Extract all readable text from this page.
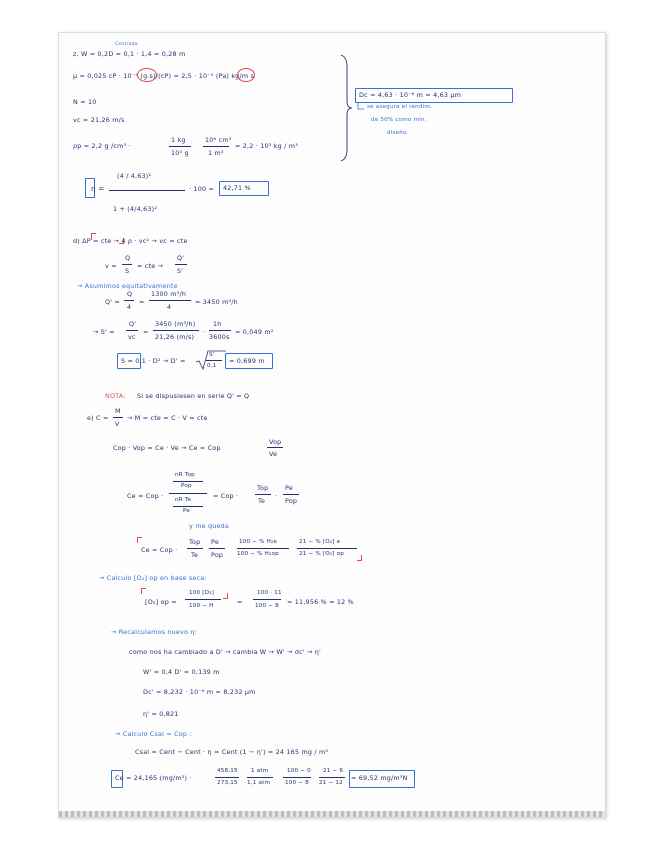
Centrada
z, W = 0,2D = 0,1 · 1,4 = 0,28 m
μ = 0,025 cP · 10⁻⁴ (g.s)/(cP) = 2,5 · 10⁻⁵ (Pa) kg/m s
N = 10
vc = 21,26 m/s
ρp = 2,2 g /cm³ ·
1 kg
10³ g
10⁶ cm³
1 m³
= 2,2 · 10³ kg / m³
Dc = 4,63 · 10⁻⁶ m = 4,63 μm
se asegura el rendim.
de 50% como mín.
diseño.
η =
(4 / 4,63)²
1 + (4/4,63)²
· 100 = 42,71 %
d) ΔP = cte → 4 ρ · vc² → vc = cte
v =
Q
S
= cte →
Q'
S'
→ Asumimos equitativamente
Q' =
Q
4
=
1300 m³/h
4
= 3450 m³/h
→ S' =
Q'
vc
=
3450 (m³/h)
21,26 (m/s)
·
1h
3600s
= 0,049 m²
S = 0,1 · D² → D' =
S'
0,1
= 0,699 m
NOTA: Si se dispusiesen en serie Q' = Q
e) C =
M
V
→ M = cte = C · V = cte
Cop · Vop = Ce · Ve → Ce = Cop
Vop
Ve
Ce = Cop ·
nR Top
Pop
nR Te
Pe
= Cop ·
Top
Te
·
Pe
Pop
y me queda
Ce = Cop ·
Top
Te
Pe
Pop
100 − % H₂e
100 − % H₂op
21 − % [O₂] e
21 − % [O₂] op
→ Calculo [O₂] op en base seca:
[O₂] op =
100 [O₂]
100 − H	=
100 · 11
100 − 8 = 11,956 % ≈ 12 %
→ Recalculamos nuevo η:
como nos ha cambiado a D' → cambia W → W' → dc' → η'
W' = 0,4 D' = 0,139 m
Dc' = 8,232 · 10⁻⁶ m = 8,232 μm
η' = 0,821
→ Calculo Csal = Cop :
Csal = Cent − Cent · η = Cent (1 − η') = 24 165 mg / m³
Ce = 24,165 (mg/m³) ·
458,15
273,15
1 atm
1,1 atm
100 − 0
100 − 8
21 − 6
21 − 12
= 69,52 mg/m³N
